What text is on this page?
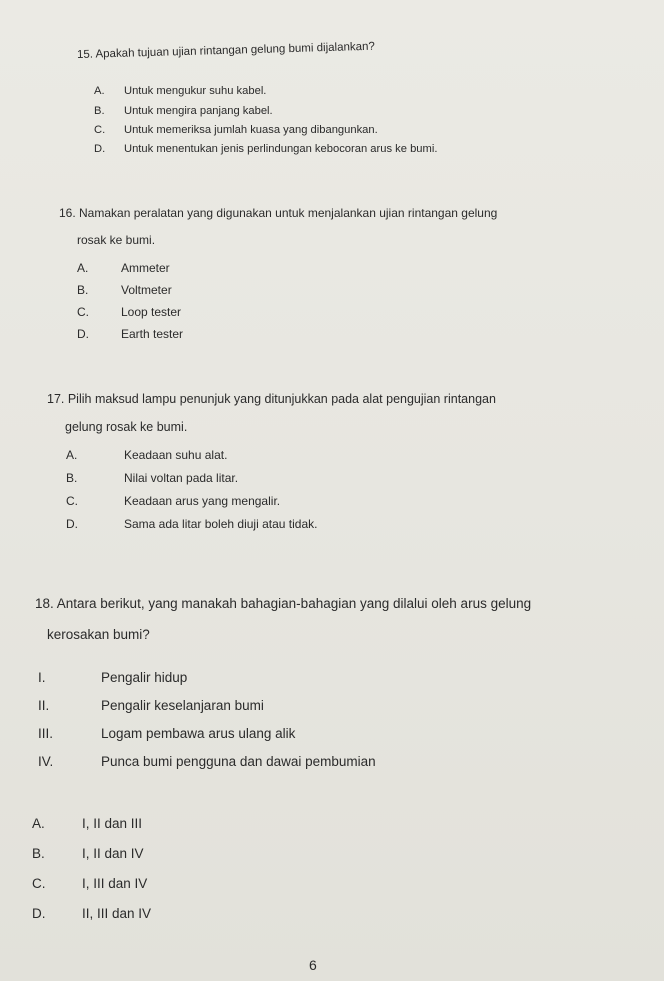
15. Apakah tujuan ujian rintangan gelung bumi dijalankan?
A. Untuk mengukur suhu kabel.
B. Untuk mengira panjang kabel.
C. Untuk memeriksa jumlah kuasa yang dibangunkan.
D. Untuk menentukan jenis perlindungan kebocoran arus ke bumi.
16. Namakan peralatan yang digunakan untuk menjalankan ujian rintangan gelung
rosak ke bumi.
A.	Ammeter
B.	Voltmeter
C.	Loop tester
D.	Earth tester
17. Pilih maksud lampu penunjuk yang ditunjukkan pada alat pengujian rintangan
gelung rosak ke bumi.
A.	Keadaan suhu alat.
B.	Nilai voltan pada litar.
C.	Keadaan arus yang mengalir.
D.	Sama ada litar boleh diuji atau tidak.
18. Antara berikut, yang manakah bahagian-bahagian yang dilalui oleh arus gelung
kerosakan bumi?
I.	Pengalir hidup
II.	Pengalir keselanjaran bumi
III.	Logam pembawa arus ulang alik
IV.	Punca bumi pengguna dan dawai pembumian
A.	I, II dan III
B.	I, II dan IV
C.	I, III dan IV
D.	II, III dan IV
6
